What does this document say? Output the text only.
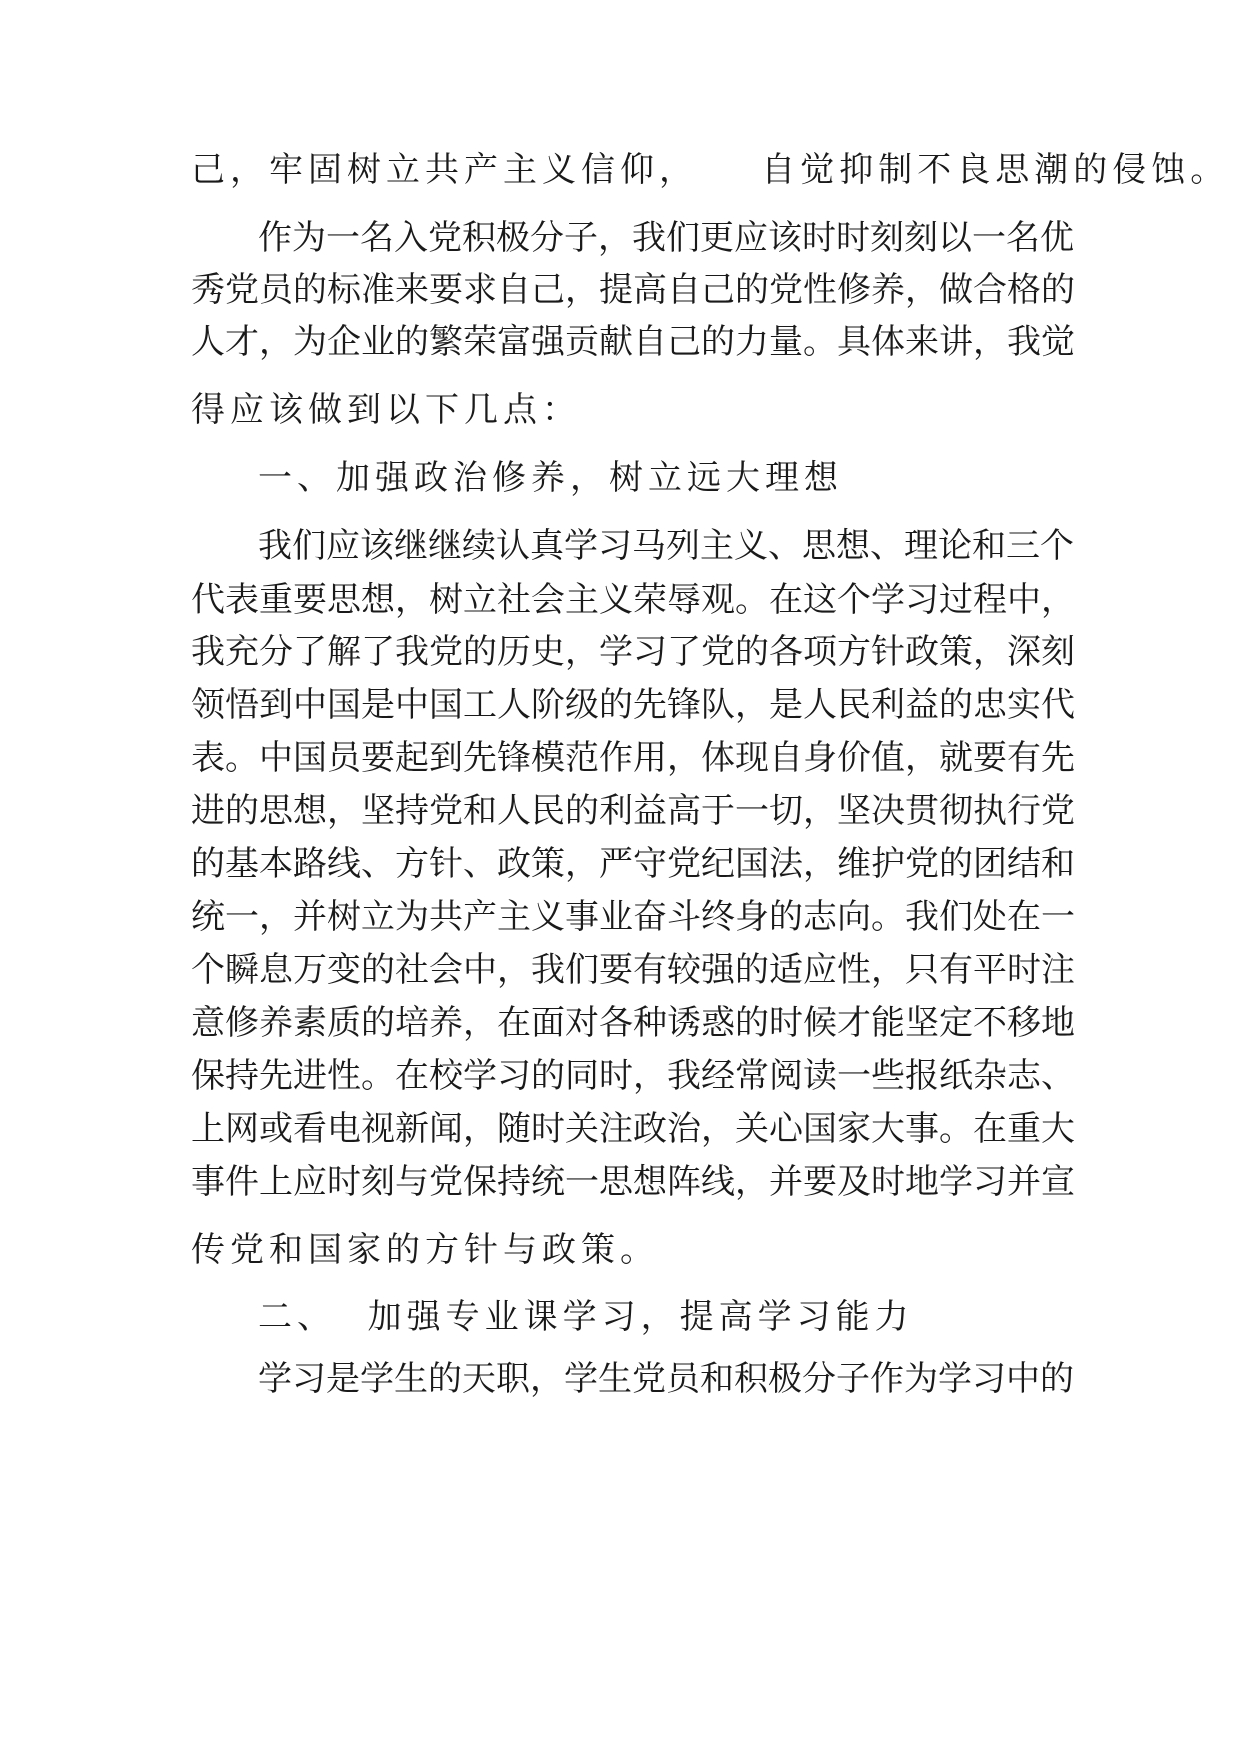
己，牢固树立共产主义信仰，    自觉抑制不良思潮的侵蚀。

作为一名入党积极分子，我们更应该时时刻刻以一名优

秀党员的标准来要求自己，提高自己的党性修养，做合格的

人才，为企业的繁荣富强贡献自己的力量。具体来讲，我觉

得应该做到以下几点：

一、加强政治修养，树立远大理想

我们应该继继续认真学习马列主义、思想、理论和三个

代表重要思想，树立社会主义荣辱观。在这个学习过程中，

我充分了解了我党的历史，学习了党的各项方针政策，深刻

领悟到中国是中国工人阶级的先锋队，是人民利益的忠实代

表。中国员要起到先锋模范作用，体现自身价值，就要有先

进的思想，坚持党和人民的利益高于一切，坚决贯彻执行党

的基本路线、方针、政策，严守党纪国法，维护党的团结和

统一，并树立为共产主义事业奋斗终身的志向。我们处在一

个瞬息万变的社会中，我们要有较强的适应性，只有平时注

意修养素质的培养，在面对各种诱惑的时候才能坚定不移地

保持先进性。在校学习的同时，我经常阅读一些报纸杂志、

上网或看电视新闻，随时关注政治，关心国家大事。在重大

事件上应时刻与党保持统一思想阵线，并要及时地学习并宣

传党和国家的方针与政策。

二、  加强专业课学习，提高学习能力

学习是学生的天职，学生党员和积极分子作为学习中的
